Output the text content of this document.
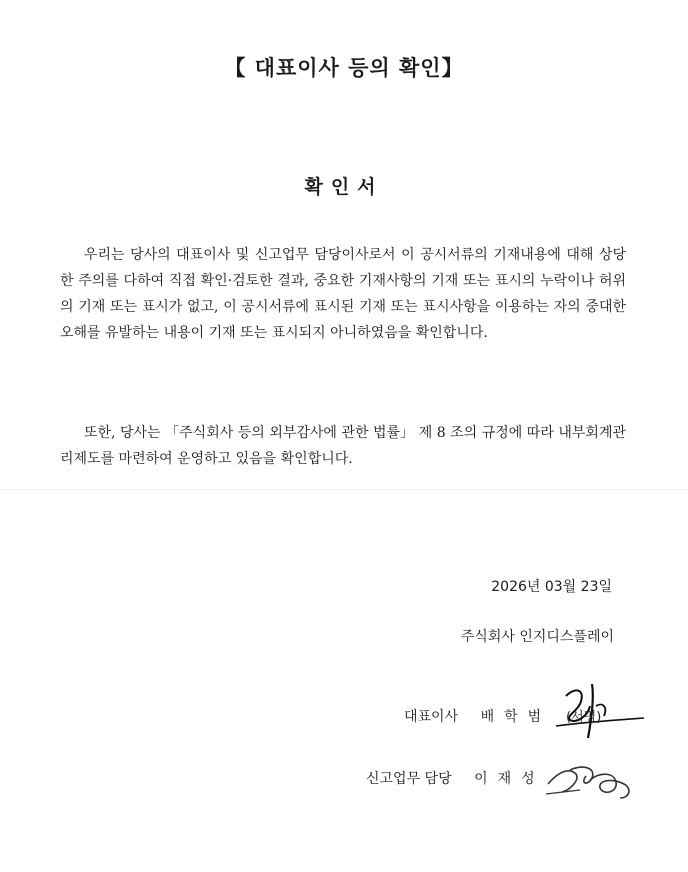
【 대표이사 등의 확인】
확인서

우리는 당사의 대표이사 및 신고업무 담당이사로서 이 공시서류의 기재내용에 대해 상당한 주의를 다하여 직접 확인·검토한 결과, 중요한 기재사항의 기재 또는 표시의 누락이나 허위의 기재 또는 표시가 없고, 이 공시서류에 표시된 기재 또는 표시사항을 이용하는 자의 중대한 오해를 유발하는 내용이 기재 또는 표시되지 아니하였음을 확인합니다.

또한, 당사는 「주식회사 등의 외부감사에 관한 법률」 제 8 조의 규정에 따라 내부회계관리제도를 마련하여 운영하고 있음을 확인합니다.

2026년 03월 23일
주식회사 인지디스플레이
대표이사 배학범 (서명)
신고업무 담당 이재성
